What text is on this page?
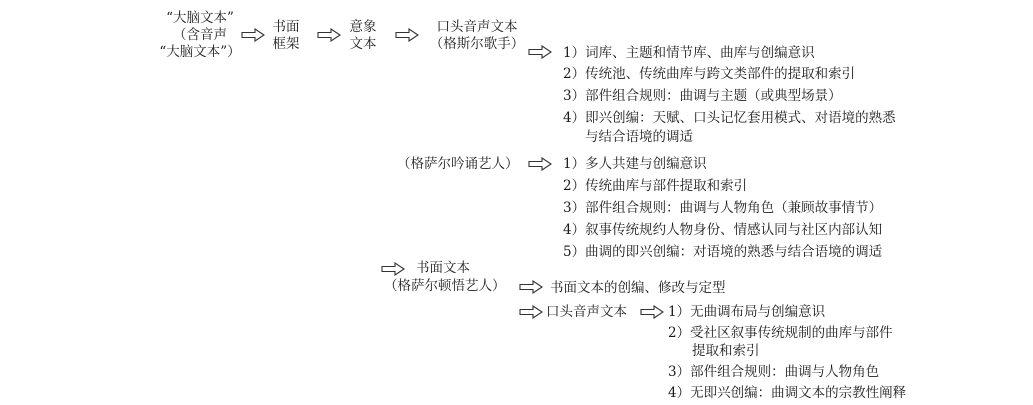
“大脑文本”
（含音声
“大脑文本”）
书面
框架
意象
文本
口头音声文本
（格斯尔歌手）
1）词库、主题和情节库、曲库与创编意识
2）传统池、传统曲库与跨文类部件的提取和索引
3）部件组合规则：曲调与主题（或典型场景）
4）即兴创编：天赋、口头记忆套用模式、对语境的熟悉
与结合语境的调适
（格萨尔吟诵艺人）	1）多人共建与创编意识
2）传统曲库与部件提取和索引
3）部件组合规则：曲调与人物角色（兼顾故事情节）
4）叙事传统规约人物身份、情感认同与社区内部认知
5）曲调的即兴创编：对语境的熟悉与结合语境的调适
书面文本
（格萨尔顿悟艺人）	书面文本的创编、修改与定型
口头音声文本	1）无曲调布局与创编意识
2）受社区叙事传统规制的曲库与部件
提取和索引
3）部件组合规则：曲调与人物角色
4）无即兴创编：曲调文本的宗教性阐释
